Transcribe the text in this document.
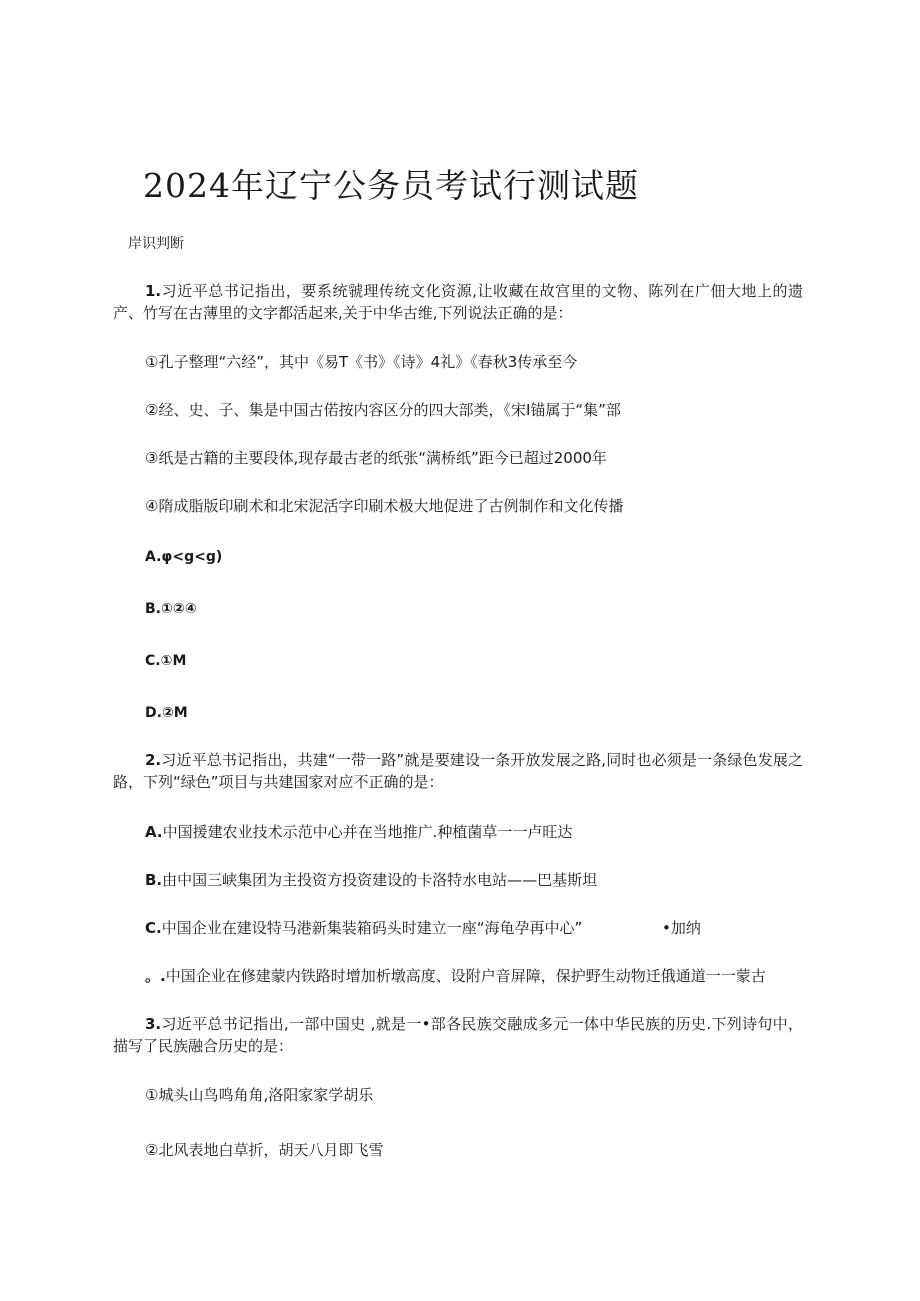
2024年辽宁公务员考试行测试题
岸识判断
1.习近平总书记指出，要系统虢理传统文化资源,让收藏在故宫里的文物、陈列在广佃大地上的遗产、竹写在古薄里的文字都活起来,关于中华古维,下列说法正确的是：
①孔子整理“六经”，其中《易T《书》《诗》4礼》《春秋3传承至今
②经、史、子、集是中国古偌按内容区分的四大部类，《宋I锚属于“集”部
③纸是古籍的主要段体,现存最古老的纸张“满桥纸”距今已超过2000年
④隋成脂版印刷术和北宋泥活字印刷术极大地促进了古例制作和文化传播
A.φ<g<g)
B.①②④
C.①M
D.②M
2.习近平总书记指出，共建“一带一路”就是要建设一条开放发展之路,同时也必须是一条绿色发展之路，下列“绿色”项目与共建国家对应不正确的是：
A.中国援建农业技术示范中心并在当地推广.种植菌草一一卢旺达
B.由中国三峡集团为主投资方投资建设的卡洛特水电站——巴基斯坦
C.中国企业在建设特马港新集装箱码头时建立一座“海龟孕再中心”	•加纳
。.中国企业在修建蒙内铁路时增加析墩高度、设附户音屏障，保护野生动物迁俄通道一一蒙古
3.习近平总书记指出,一部中国史 ,就是一•部各民族交融成多元一体中华民族的历史.下列诗句中，描写了民族融合历史的是：
①城头山鸟鸣角角,洛阳家家学胡乐
②北风表地白草折，胡天八月即飞雪
